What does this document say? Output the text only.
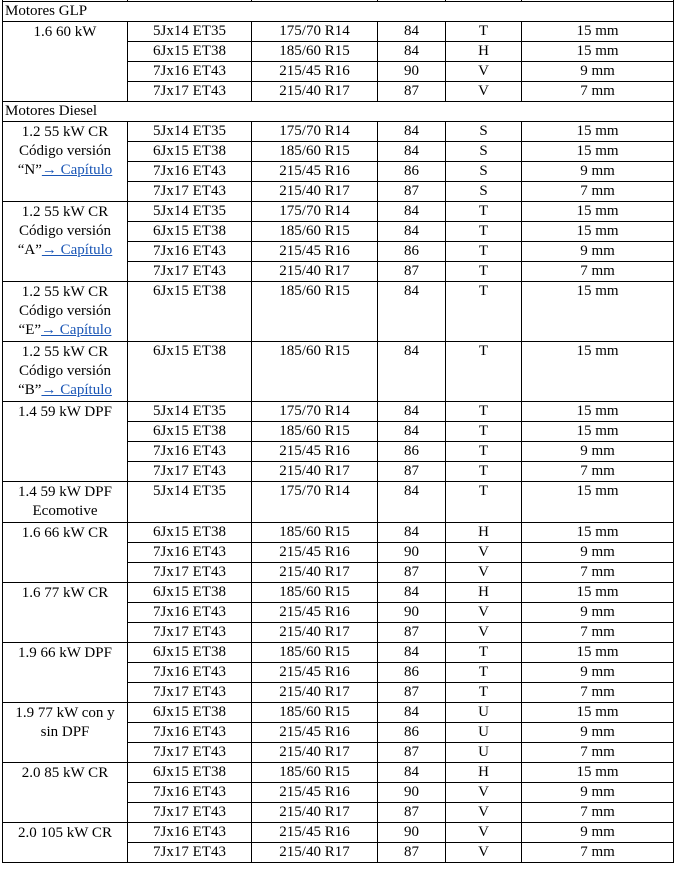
Motores GLP					

1.6 60 kW	5Jx14 ET35	175/70 R14	84	T	15 mm
	6Jx15 ET38	185/60 R15	84	H	15 mm
	7Jx16 ET43	215/45 R16	90	V	9 mm
	7Jx17 ET43	215/40 R17	87	V	7 mm
Motores Diesel					

1.2 55 kW CR
Código versión
“N”→ Capítulo	5Jx14 ET35	175/70 R14	84	S	15 mm
	6Jx15 ET38	185/60 R15	84	S	15 mm
	7Jx16 ET43	215/45 R16	86	S	9 mm
	7Jx17 ET43	215/40 R17	87	S	7 mm

1.2 55 kW CR
Código versión
“A”→ Capítulo	5Jx14 ET35	175/70 R14	84	T	15 mm
	6Jx15 ET38	185/60 R15	84	T	15 mm
	7Jx16 ET43	215/45 R16	86	T	9 mm
	7Jx17 ET43	215/40 R17	87	T	7 mm

1.2 55 kW CR
Código versión
“E”→ Capítulo	6Jx15 ET38	185/60 R15	84	T	15 mm

1.2 55 kW CR
Código versión
“B”→ Capítulo	6Jx15 ET38	185/60 R15	84	T	15 mm

1.4 59 kW DPF	5Jx14 ET35	175/70 R14	84	T	15 mm
	6Jx15 ET38	185/60 R15	84	T	15 mm
	7Jx16 ET43	215/45 R16	86	T	9 mm
	7Jx17 ET43	215/40 R17	87	T	7 mm

1.4 59 kW DPF
Ecomotive	5Jx14 ET35	175/70 R14	84	T	15 mm

1.6 66 kW CR	6Jx15 ET38	185/60 R15	84	H	15 mm
	7Jx16 ET43	215/45 R16	90	V	9 mm
	7Jx17 ET43	215/40 R17	87	V	7 mm

1.6 77 kW CR	6Jx15 ET38	185/60 R15	84	H	15 mm
	7Jx16 ET43	215/45 R16	90	V	9 mm
	7Jx17 ET43	215/40 R17	87	V	7 mm

1.9 66 kW DPF	6Jx15 ET38	185/60 R15	84	T	15 mm
	7Jx16 ET43	215/45 R16	86	T	9 mm
	7Jx17 ET43	215/40 R17	87	T	7 mm

1.9 77 kW con y
sin DPF	6Jx15 ET38	185/60 R15	84	U	15 mm
	7Jx16 ET43	215/45 R16	86	U	9 mm
	7Jx17 ET43	215/40 R17	87	U	7 mm

2.0 85 kW CR	6Jx15 ET38	185/60 R15	84	H	15 mm
	7Jx16 ET43	215/45 R16	90	V	9 mm
	7Jx17 ET43	215/40 R17	87	V	7 mm

2.0 105 kW CR	7Jx16 ET43	215/45 R16	90	V	9 mm
	7Jx17 ET43	215/40 R17	87	V	7 mm
